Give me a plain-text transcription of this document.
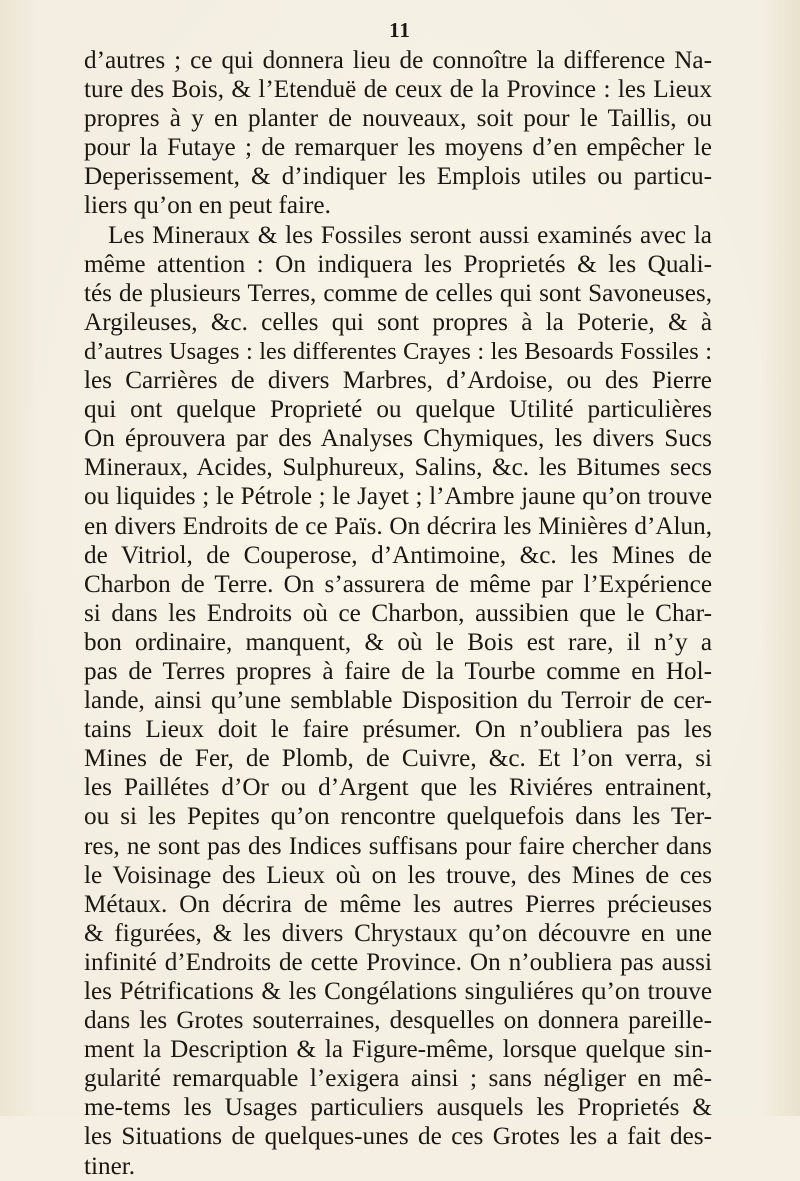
11
d’autres ; ce qui donnera lieu de connoître la difference Na-
ture des Bois, & l’Etenduë de ceux de la Province : les Lieux
propres à y en planter de nouveaux, soit pour le Taillis, ou
pour la Futaye ; de remarquer les moyens d’en empêcher le
Deperissement, & d’indiquer les Emplois utiles ou particu-
liers qu’on en peut faire.
Les Mineraux & les Fossiles seront aussi examinés avec la
même attention : On indiquera les Proprietés & les Quali-
tés de plusieurs Terres, comme de celles qui sont Savoneuses,
Argileuses, &c. celles qui sont propres à la Poterie, & à
d’autres Usages : les differentes Crayes : les Besoards Fossiles :
les Carrières de divers Marbres, d’Ardoise, ou des Pierre
qui ont quelque Proprieté ou quelque Utilité particulières
On éprouvera par des Analyses Chymiques, les divers Sucs
Mineraux, Acides, Sulphureux, Salins, &c. les Bitumes secs
ou liquides ; le Pétrole ; le Jayet ; l’Ambre jaune qu’on trouve
en divers Endroits de ce Païs. On décrira les Minières d’Alun,
de Vitriol, de Couperose, d’Antimoine, &c. les Mines de
Charbon de Terre. On s’assurera de même par l’Expérience
si dans les Endroits où ce Charbon, aussibien que le Char-
bon ordinaire, manquent, & où le Bois est rare, il n’y a
pas de Terres propres à faire de la Tourbe comme en Hol-
lande, ainsi qu’une semblable Disposition du Terroir de cer-
tains Lieux doit le faire présumer. On n’oubliera pas les
Mines de Fer, de Plomb, de Cuivre, &c. Et l’on verra, si
les Paillétes d’Or ou d’Argent que les Riviéres entrainent,
ou si les Pepites qu’on rencontre quelquefois dans les Ter-
res, ne sont pas des Indices suffisans pour faire chercher dans
le Voisinage des Lieux où on les trouve, des Mines de ces
Métaux. On décrira de même les autres Pierres précieuses
& figurées, & les divers Chrystaux qu’on découvre en une
infinité d’Endroits de cette Province. On n’oubliera pas aussi
les Pétrifications & les Congélations singuliéres qu’on trouve
dans les Grotes souterraines, desquelles on donnera pareille-
ment la Description & la Figure-même, lorsque quelque sin-
gularité remarquable l’exigera ainsi ; sans négliger en mê-
me-tems les Usages particuliers ausquels les Proprietés &
les Situations de quelques-unes de ces Grotes les a fait des-
tiner.
